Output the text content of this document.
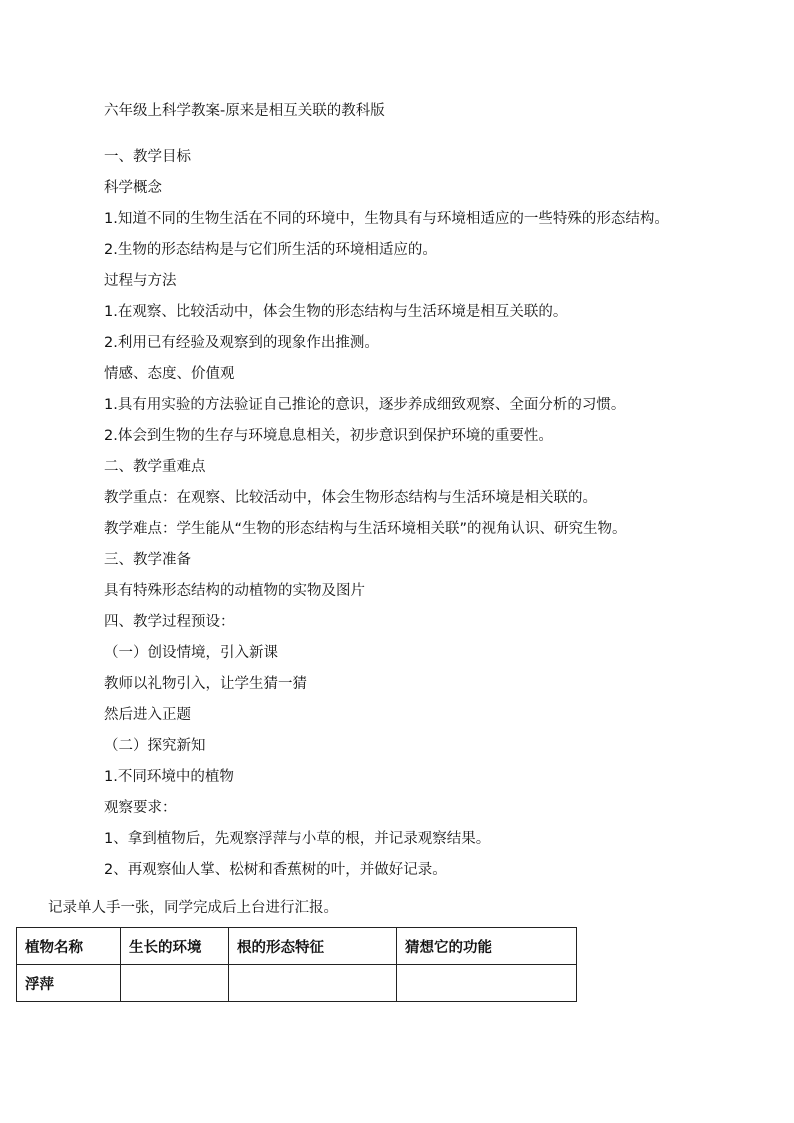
六年级上科学教案-原来是相互关联的教科版
一、教学目标
科学概念
1.知道不同的生物生活在不同的环境中，生物具有与环境相适应的一些特殊的形态结构。
2.生物的形态结构是与它们所生活的环境相适应的。
过程与方法
1.在观察、比较活动中，体会生物的形态结构与生活环境是相互关联的。
2.利用已有经验及观察到的现象作出推测。
情感、态度、价值观
1.具有用实验的方法验证自己推论的意识，逐步养成细致观察、全面分析的习惯。
2.体会到生物的生存与环境息息相关，初步意识到保护环境的重要性。
二、教学重难点
教学重点：在观察、比较活动中，体会生物形态结构与生活环境是相关联的。
教学难点：学生能从“生物的形态结构与生活环境相关联”的视角认识、研究生物。
三、教学准备
具有特殊形态结构的动植物的实物及图片
四、教学过程预设：
（一）创设情境，引入新课
教师以礼物引入，让学生猜一猜
然后进入正题
（二）探究新知
1.不同环境中的植物
观察要求：
1、拿到植物后，先观察浮萍与小草的根，并记录观察结果。
2、再观察仙人掌、松树和香蕉树的叶，并做好记录。
记录单人手一张，同学完成后上台进行汇报。
植物名称	生长的环境	根的形态特征	猜想它的功能
浮萍			
